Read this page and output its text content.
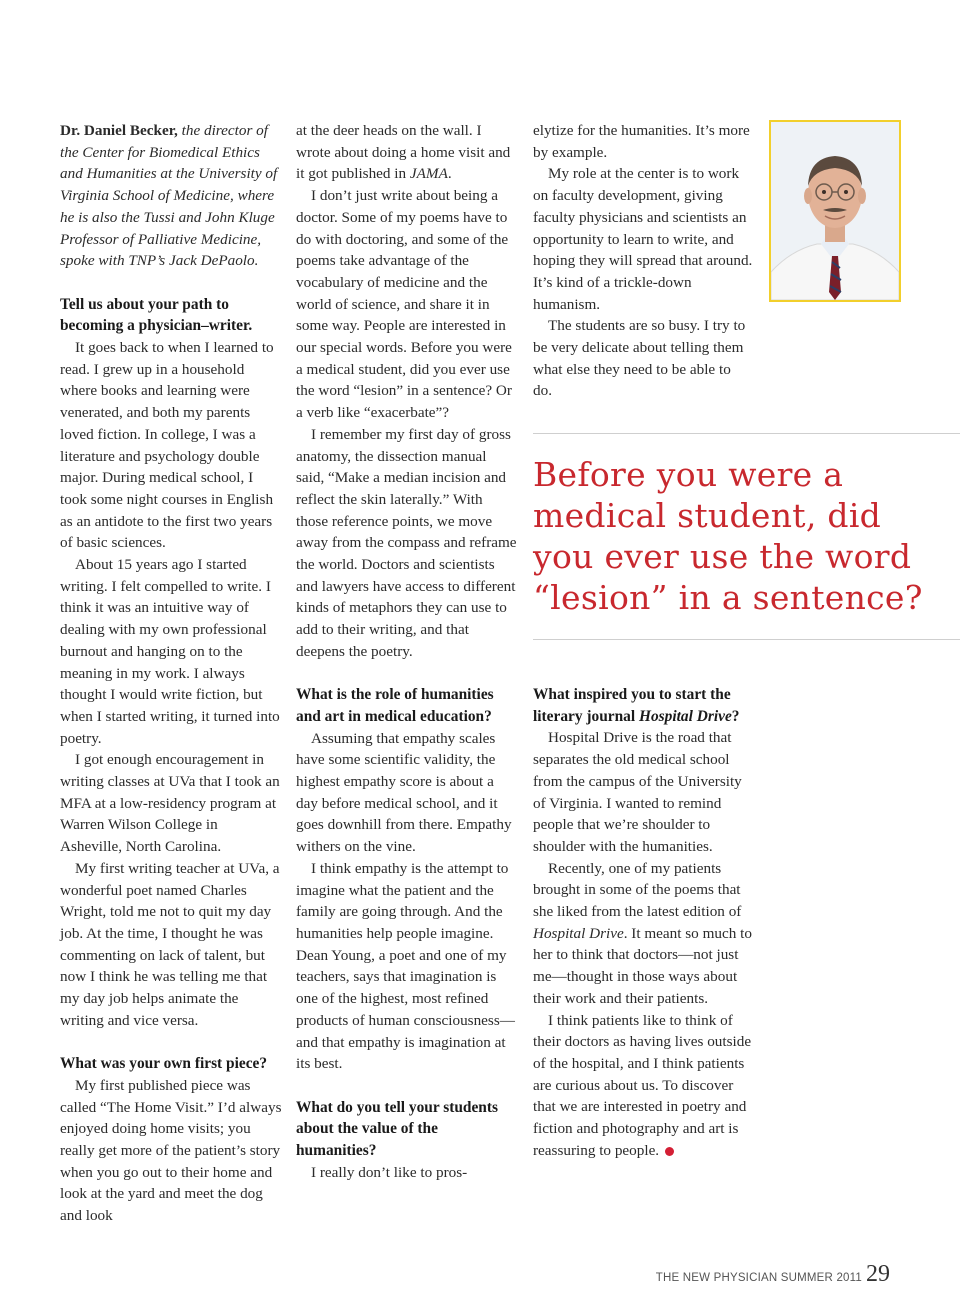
Dr. Daniel Becker, the director of the Center for Biomedical Ethics and Humanities at the University of Virginia School of Medicine, where he is also the Tussi and John Kluge Professor of Palliative Medicine, spoke with TNP’s Jack DePaolo.

Tell us about your path to becoming a physician–writer.

It goes back to when I learned to read. I grew up in a household where books and learning were venerated, and both my parents loved fiction. In college, I was a literature and psychology double major. During medical school, I took some night courses in English as an antidote to the first two years of basic sciences.

About 15 years ago I started writing. I felt compelled to write. I think it was an intuitive way of dealing with my own professional burnout and hanging on to the meaning in my work. I always thought I would write fiction, but when I started writing, it turned into poetry.

I got enough encouragement in writing classes at UVa that I took an MFA at a low-residency program at Warren Wilson College in Asheville, North Carolina.

My first writing teacher at UVa, a wonderful poet named Charles Wright, told me not to quit my day job. At the time, I thought he was commenting on lack of talent, but now I think he was telling me that my day job helps animate the writing and vice versa.

What was your own first piece?

My first published piece was called “The Home Visit.” I’d always enjoyed doing home visits; you really get more of the patient’s story when you go out to their home and look at the yard and meet the dog and look

at the deer heads on the wall. I wrote about doing a home visit and it got published in JAMA.

I don’t just write about being a doctor. Some of my poems have to do with doctoring, and some of the poems take advantage of the vocabulary of medicine and the world of science, and share it in some way. People are interested in our special words. Before you were a medical student, did you ever use the word “lesion” in a sentence? Or a verb like “exacerbate”?

I remember my first day of gross anatomy, the dissection manual said, “Make a median incision and reflect the skin laterally.” With those reference points, we move away from the compass and reframe the world. Doctors and scientists and lawyers have access to different kinds of metaphors they can use to add to their writing, and that deepens the poetry.

What is the role of humanities and art in medical education?

Assuming that empathy scales have some scientific validity, the highest empathy score is about a day before medical school, and it goes downhill from there. Empathy withers on the vine.

I think empathy is the attempt to imagine what the patient and the family are going through. And the humanities help people imagine. Dean Young, a poet and one of my teachers, says that imagination is one of the highest, most refined products of human consciousness—and that empathy is imagination at its best.

What do you tell your students about the value of the humanities?

I really don’t like to pros-

elytize for the humanities. It’s more by example.

My role at the center is to work on faculty development, giving faculty physicians and scientists an opportunity to learn to write, and hoping they will spread that around. It’s kind of a trickle-down humanism.

The students are so busy. I try to be very delicate about telling them what else they need to be able to do.

Before you were a medical student, did you ever use the word “lesion” in a sentence?
What inspired you to start the literary journal Hospital Drive?

Hospital Drive is the road that separates the old medical school from the campus of the University of Virginia. I wanted to remind people that we’re shoulder to shoulder with the humanities.

Recently, one of my patients brought in some of the poems that she liked from the latest edition of Hospital Drive. It meant so much to her to think that doctors—not just me—thought in those ways about their work and their patients.

I think patients like to think of their doctors as having lives outside of the hospital, and I think patients are curious about us. To discover that we are interested in poetry and fiction and photography and art is reassuring to people.

THE NEW PHYSICIAN SUMMER 2011 29
